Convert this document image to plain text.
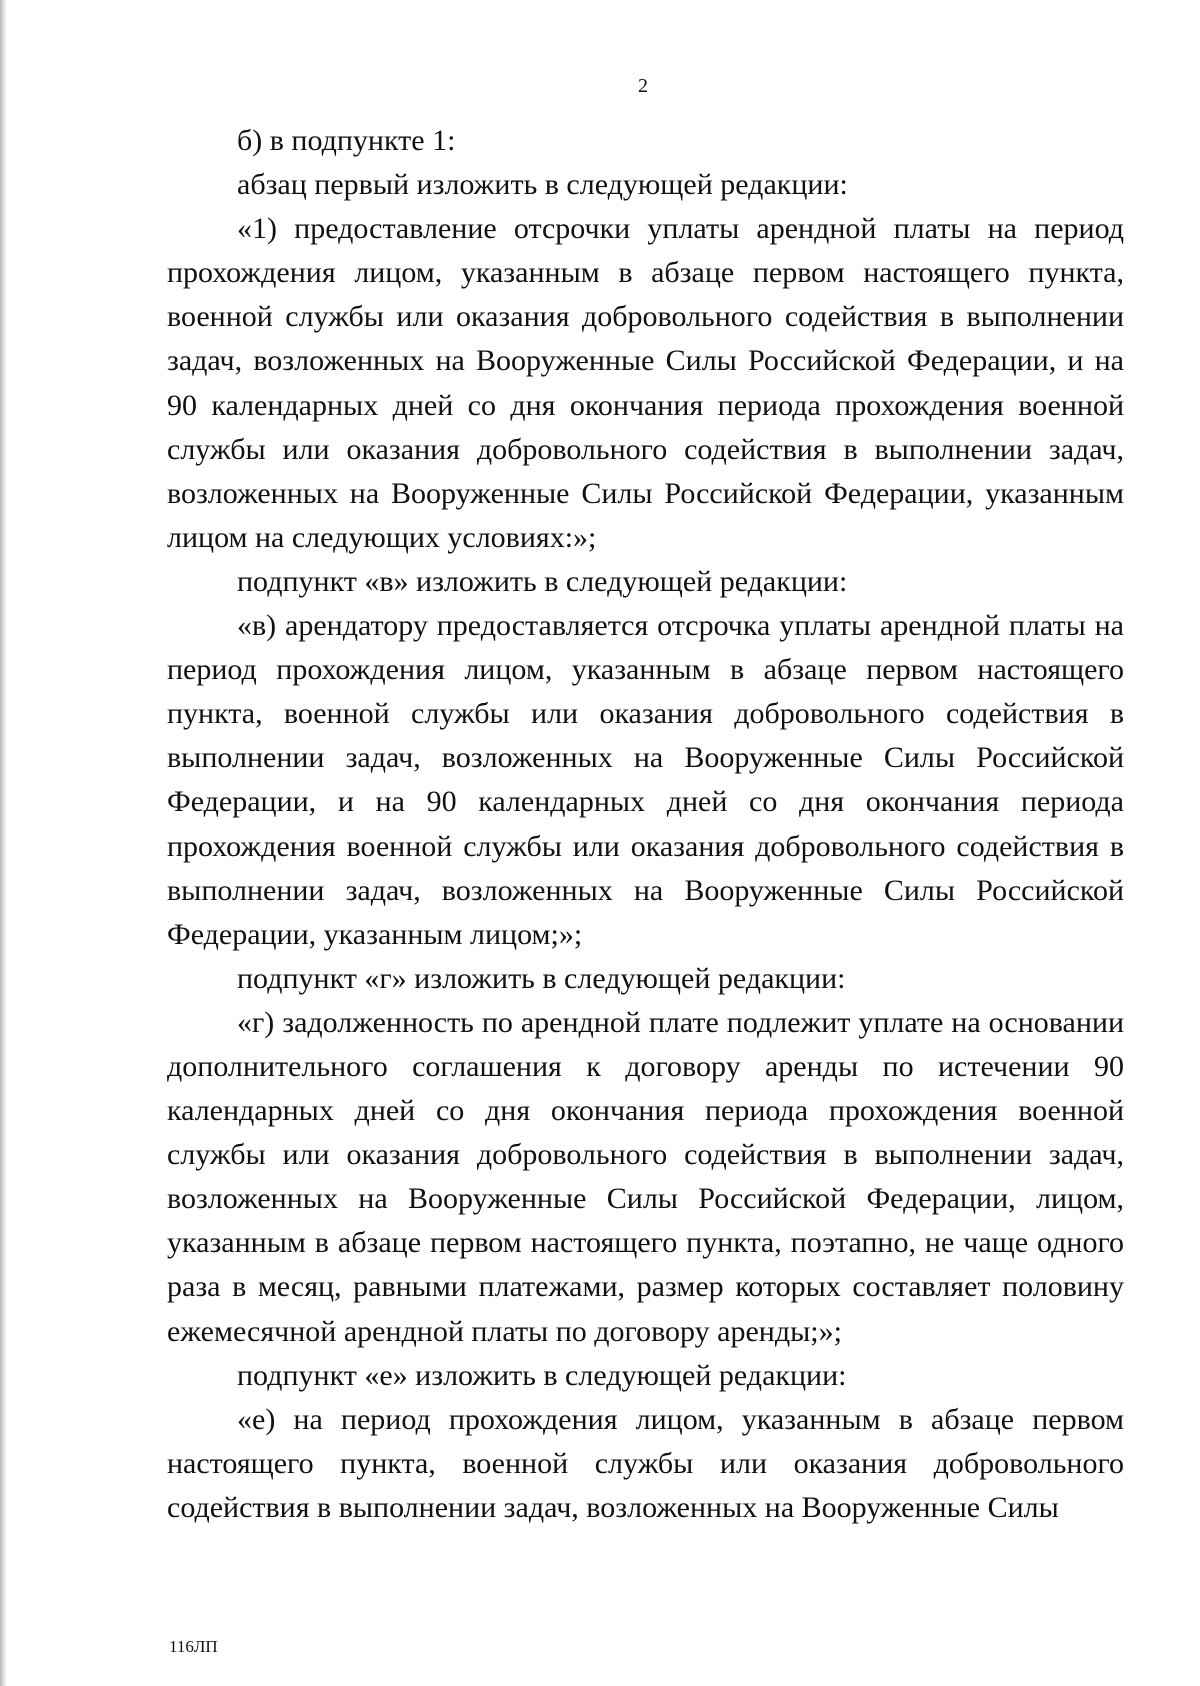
2

б) в подпункте 1:

абзац первый изложить в следующей редакции:

«1) предоставление отсрочки уплаты арендной платы на период прохождения лицом, указанным в абзаце первом настоящего пункта, военной службы или оказания добровольного содействия в выполнении задач, возложенных на Вооруженные Силы Российской Федерации, и на 90 календарных дней со дня окончания периода прохождения военной службы или оказания добровольного содействия в выполнении задач, возложенных на Вооруженные Силы Российской Федерации, указанным лицом на следующих условиях:»;

подпункт «в» изложить в следующей редакции:

«в) арендатору предоставляется отсрочка уплаты арендной платы на период прохождения лицом, указанным в абзаце первом настоящего пункта, военной службы или оказания добровольного содействия в выполнении задач, возложенных на Вооруженные Силы Российской Федерации, и на 90 календарных дней со дня окончания периода прохождения военной службы или оказания добровольного содействия в выполнении задач, возложенных на Вооруженные Силы Российской Федерации, указанным лицом;»;

подпункт «г» изложить в следующей редакции:

«г) задолженность по арендной плате подлежит уплате на основании дополнительного соглашения к договору аренды по истечении 90 календарных дней со дня окончания периода прохождения военной службы или оказания добровольного содействия в выполнении задач, возложенных на Вооруженные Силы Российской Федерации, лицом, указанным в абзаце первом настоящего пункта, поэтапно, не чаще одного раза в месяц, равными платежами, размер которых составляет половину ежемесячной арендной платы по договору аренды;»;

подпункт «е» изложить в следующей редакции:

«е) на период прохождения лицом, указанным в абзаце первом настоящего пункта, военной службы или оказания добровольного содействия в выполнении задач, возложенных на Вооруженные Силы

116ЛП
